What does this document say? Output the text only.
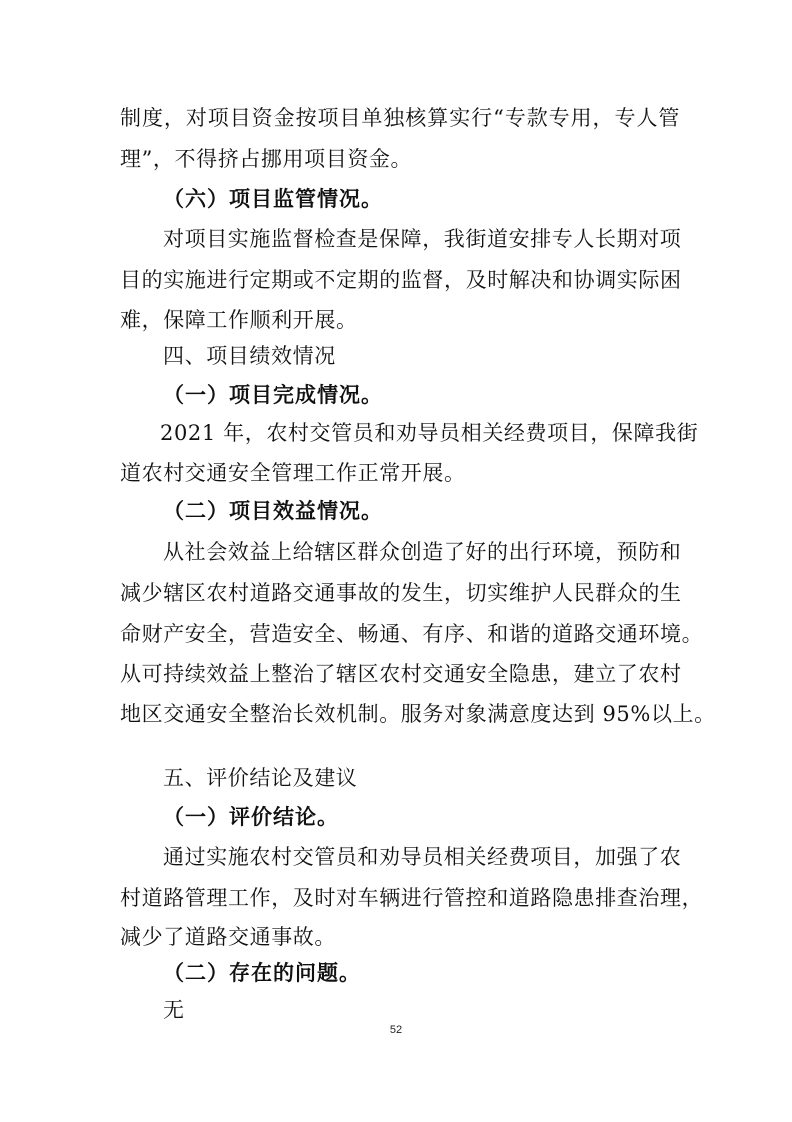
制度，对项目资金按项目单独核算实行“专款专用，专人管
理”，不得挤占挪用项目资金。
（六）项目监管情况。
对项目实施监督检查是保障，我街道安排专人长期对项
目的实施进行定期或不定期的监督，及时解决和协调实际困
难，保障工作顺利开展。
四、项目绩效情况
（一）项目完成情况。
2021 年，农村交管员和劝导员相关经费项目，保障我街
道农村交通安全管理工作正常开展。
（二）项目效益情况。
从社会效益上给辖区群众创造了好的出行环境，预防和
减少辖区农村道路交通事故的发生，切实维护人民群众的生
命财产安全，营造安全、畅通、有序、和谐的道路交通环境。
从可持续效益上整治了辖区农村交通安全隐患，建立了农村
地区交通安全整治长效机制。服务对象满意度达到 95%以上。
五、评价结论及建议
（一）评价结论。
通过实施农村交管员和劝导员相关经费项目，加强了农
村道路管理工作，及时对车辆进行管控和道路隐患排查治理，
减少了道路交通事故。
（二）存在的问题。
无
52
